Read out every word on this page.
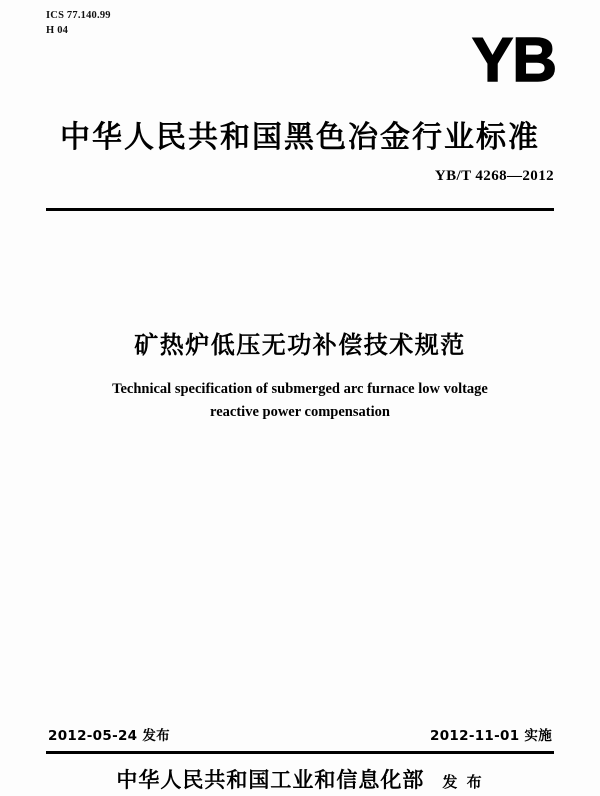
ICS 77.140.99
H 04	YB
中华人民共和国黑色冶金行业标准
YB/T 4268—2012
矿热炉低压无功补偿技术规范
Technical specification of submerged arc furnace low voltage
reactive power compensation
2012-05-24 发布	2012-11-01 实施
中华人民共和国工业和信息化部 发 布
